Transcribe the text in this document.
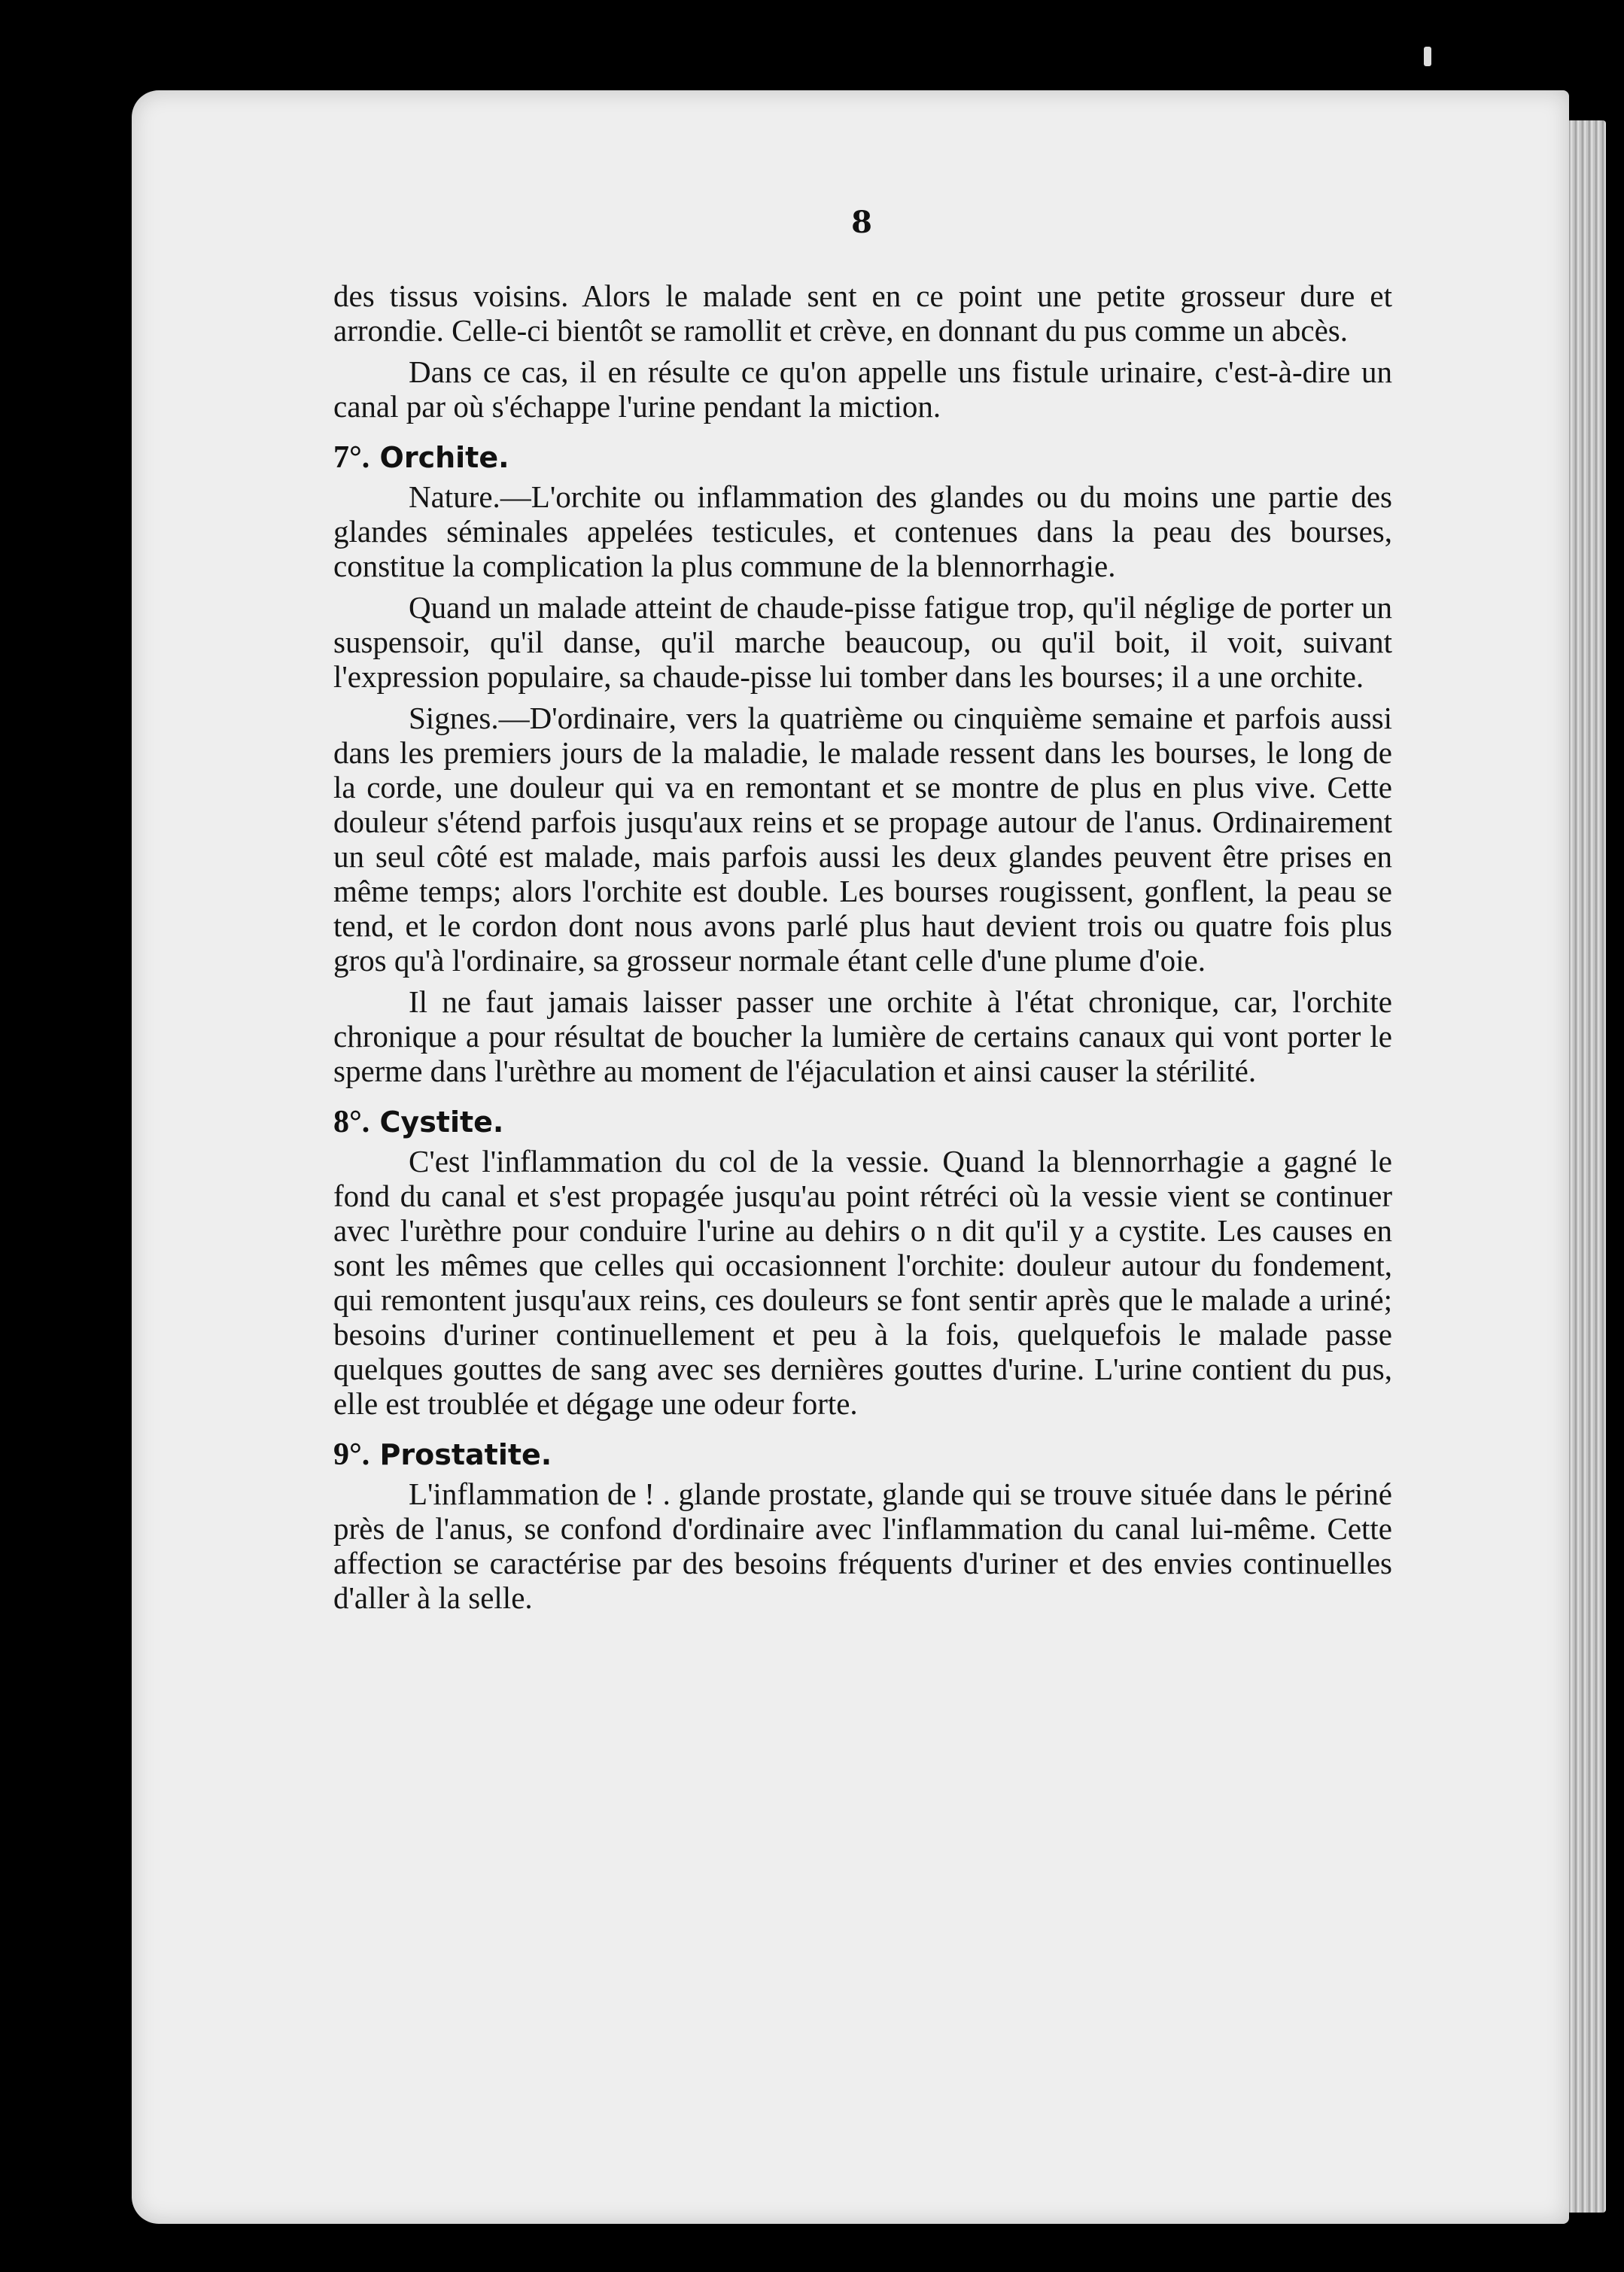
8

des tissus voisins. Alors le malade sent en ce point une petite grosseur dure et arrondie. Celle-ci bientôt se ramollit et crève, en donnant du pus comme un abcès.

Dans ce cas, il en résulte ce qu'on appelle uns fistule urinaire, c'est-à-dire un canal par où s'échappe l'urine pendant la miction.

7°. Orchite.

Nature.—L'orchite ou inflammation des glandes ou du moins une partie des glandes séminales appelées testicules, et contenues dans la peau des bourses, constitue la complication la plus commune de la blennorrhagie.

Quand un malade atteint de chaude-pisse fatigue trop, qu'il néglige de porter un suspensoir, qu'il danse, qu'il marche beaucoup, ou qu'il boit, il voit, suivant l'expression populaire, sa chaude-pisse lui tomber dans les bourses; il a une orchite.

Signes.—D'ordinaire, vers la quatrième ou cinquième semaine et parfois aussi dans les premiers jours de la maladie, le malade ressent dans les bourses, le long de la corde, une douleur qui va en remontant et se montre de plus en plus vive. Cette douleur s'étend parfois jusqu'aux reins et se propage autour de l'anus. Ordinairement un seul côté est malade, mais parfois aussi les deux glandes peuvent être prises en même temps; alors l'orchite est double. Les bourses rougissent, gonflent, la peau se tend, et le cordon dont nous avons parlé plus haut devient trois ou quatre fois plus gros qu'à l'ordinaire, sa grosseur normale étant celle d'une plume d'oie.

Il ne faut jamais laisser passer une orchite à l'état chronique, car, l'orchite chronique a pour résultat de boucher la lumière de certains canaux qui vont porter le sperme dans l'urèthre au moment de l'éjaculation et ainsi causer la stérilité.

8°. Cystite.

C'est l'inflammation du col de la vessie. Quand la blennorrhagie a gagné le fond du canal et s'est propagée jusqu'au point rétréci où la vessie vient se continuer avec l'urèthre pour conduire l'urine au dehirs o n dit qu'il y a cystite. Les causes en sont les mêmes que celles qui occasionnent l'orchite: douleur autour du fondement, qui remontent jusqu'aux reins, ces douleurs se font sentir après que le malade a uriné; besoins d'uriner continuellement et peu à la fois, quelquefois le malade passe quelques gouttes de sang avec ses dernières gouttes d'urine. L'urine contient du pus, elle est troublée et dégage une odeur forte.

9°. Prostatite.

L'inflammation de ! . glande prostate, glande qui se trouve située dans le périné près de l'anus, se confond d'ordinaire avec l'inflammation du canal lui-même. Cette affection se caractérise par des besoins fréquents d'uriner et des envies continuelles d'aller à la selle.
